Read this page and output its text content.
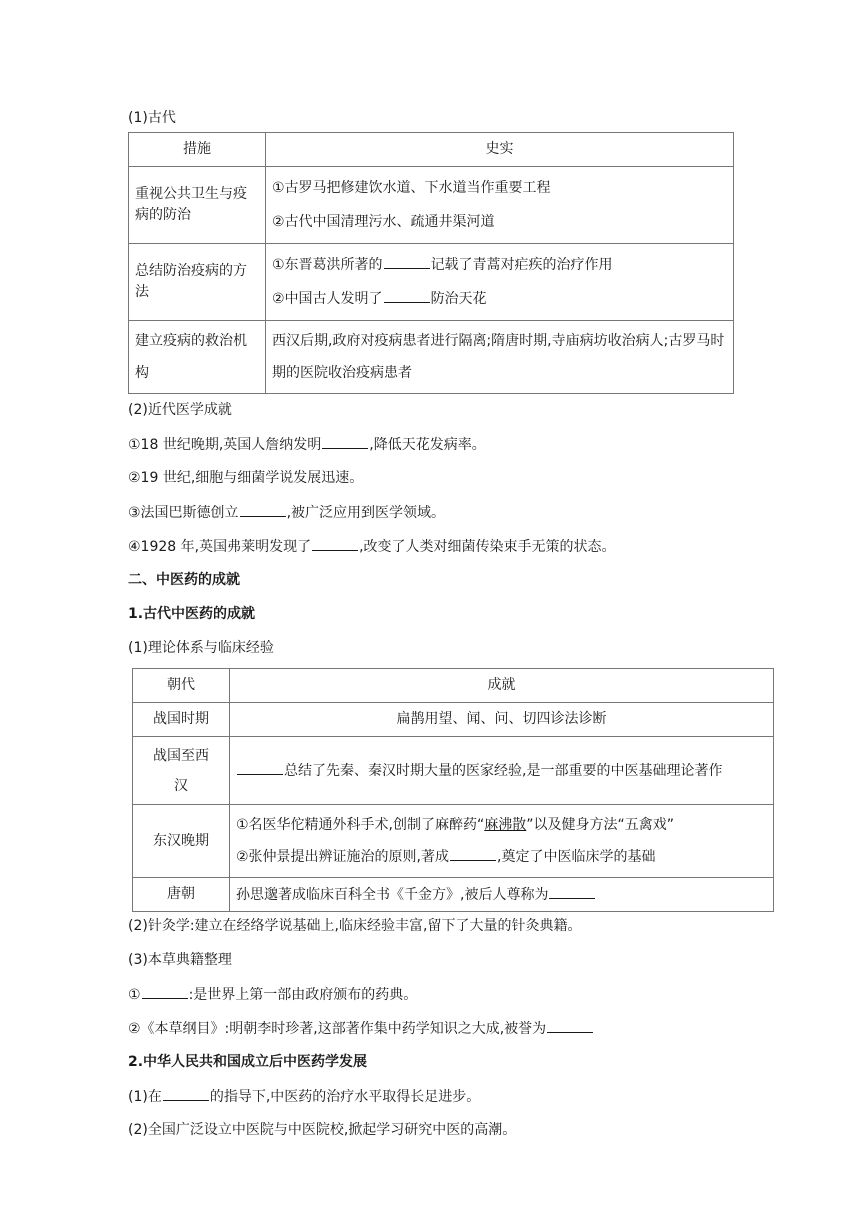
(1)古代

措施	史实
重视公共卫生与疫病的防治	①古罗马把修建饮水道、下水道当作重要工程
②古代中国清理污水、疏通井渠河道

总结防治疫病的方法	①东晋葛洪所著的 记载了青蒿对疟疾的治疗作用
②中国古人发明了 防治天花

建立疫病的救治机构	西汉后期,政府对疫病患者进行隔离;隋唐时期,寺庙病坊收治病人;古罗马时期的医院收治疫病患者

(2)近代医学成就

①18 世纪晚期,英国人詹纳发明	,降低天花发病率。

②19 世纪,细胞与细菌学说发展迅速。

③法国巴斯德创立	,被广泛应用到医学领域。

④1928 年,英国弗莱明发现了	,改变了人类对细菌传染束手无策的状态。

二、中医药的成就

1.古代中医药的成就

(1)理论体系与临床经验

朝代	成就
战国时期	扁鹊用望、闻、问、切四诊法诊断
战国至西汉	总结了先秦、秦汉时期大量的医家经验,是一部重要的中医基础理论著作
东汉晚期	①名医华佗精通外科手术,创制了麻醉药“麻沸散”以及健身方法“五禽戏”
②张仲景提出辨证施治的原则,著成 ,奠定了中医临床学的基础

唐朝	孙思邈著成临床百科全书《千金方》,被后人尊称为

(2)针灸学:建立在经络学说基础上,临床经验丰富,留下了大量的针灸典籍。

(3)本草典籍整理

①	:是世界上第一部由政府颁布的药典。

②《本草纲目》:明朝李时珍著,这部著作集中药学知识之大成,被誉为

2.中华人民共和国成立后中医药学发展

(1)在	的指导下,中医药的治疗水平取得长足进步。

(2)全国广泛设立中医院与中医院校,掀起学习研究中医的高潮。
